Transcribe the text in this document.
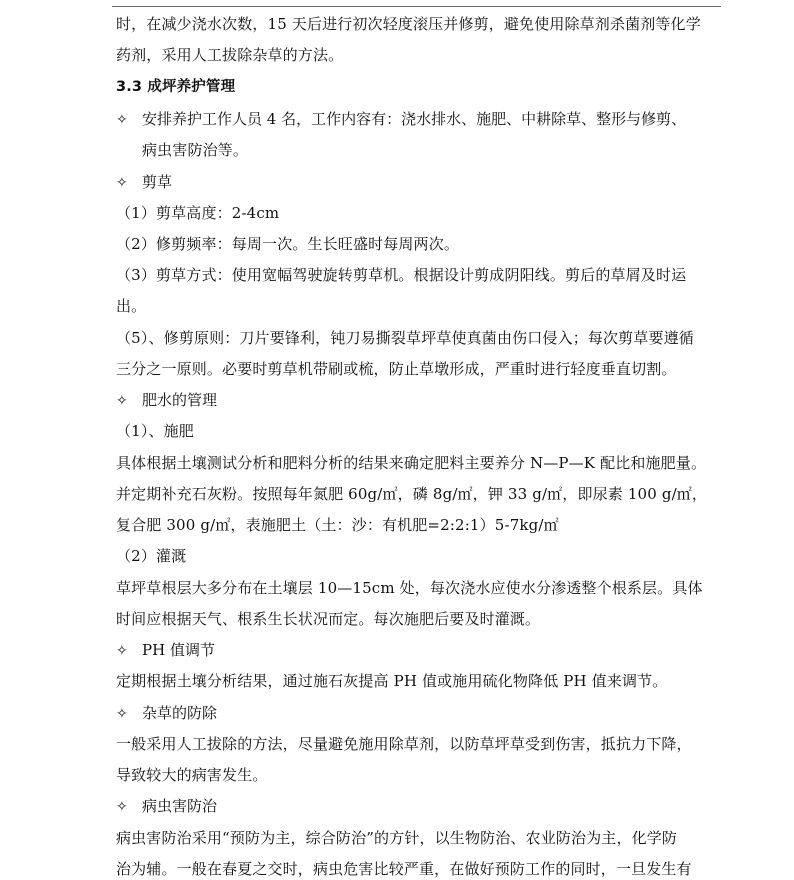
时，在减少浇水次数，15 天后进行初次轻度滚压并修剪，避免使用除草剂杀菌剂等化学
药剂，采用人工拔除杂草的方法。
3.3 成坪养护管理
✧ 安排养护工作人员 4 名，工作内容有：浇水排水、施肥、中耕除草、整形与修剪、
病虫害防治等。
✧ 剪草
（1）剪草高度：2-4cm
（2）修剪频率：每周一次。生长旺盛时每周两次。
（3）剪草方式：使用宽幅驾驶旋转剪草机。根据设计剪成阴阳线。剪后的草屑及时运
出。
（5）、修剪原则：刀片要锋利，钝刀易撕裂草坪草使真菌由伤口侵入；每次剪草要遵循
三分之一原则。必要时剪草机带刷或梳，防止草墩形成，严重时进行轻度垂直切割。
✧ 肥水的管理
（1）、施肥
具体根据土壤测试分析和肥料分析的结果来确定肥料主要养分 N—P—K 配比和施肥量。
并定期补充石灰粉。按照每年氮肥 60g/㎡，磷 8g/㎡，钾 33 g/㎡，即尿素 100 g/㎡，
复合肥 300 g/㎡，表施肥土（土：沙：有机肥=2:2:1）5-7kg/㎡
（2）灌溉
草坪草根层大多分布在土壤层 10—15cm 处，每次浇水应使水分渗透整个根系层。具体
时间应根据天气、根系生长状况而定。每次施肥后要及时灌溉。
✧ PH 值调节
定期根据土壤分析结果，通过施石灰提高 PH 值或施用硫化物降低 PH 值来调节。
✧ 杂草的防除
一般采用人工拔除的方法，尽量避免施用除草剂，以防草坪草受到伤害，抵抗力下降，
导致较大的病害发生。
✧ 病虫害防治
病虫害防治采用“预防为主，综合防治”的方针，以生物防治、农业防治为主，化学防
治为辅。一般在春夏之交时，病虫危害比较严重，在做好预防工作的同时，一旦发生有
